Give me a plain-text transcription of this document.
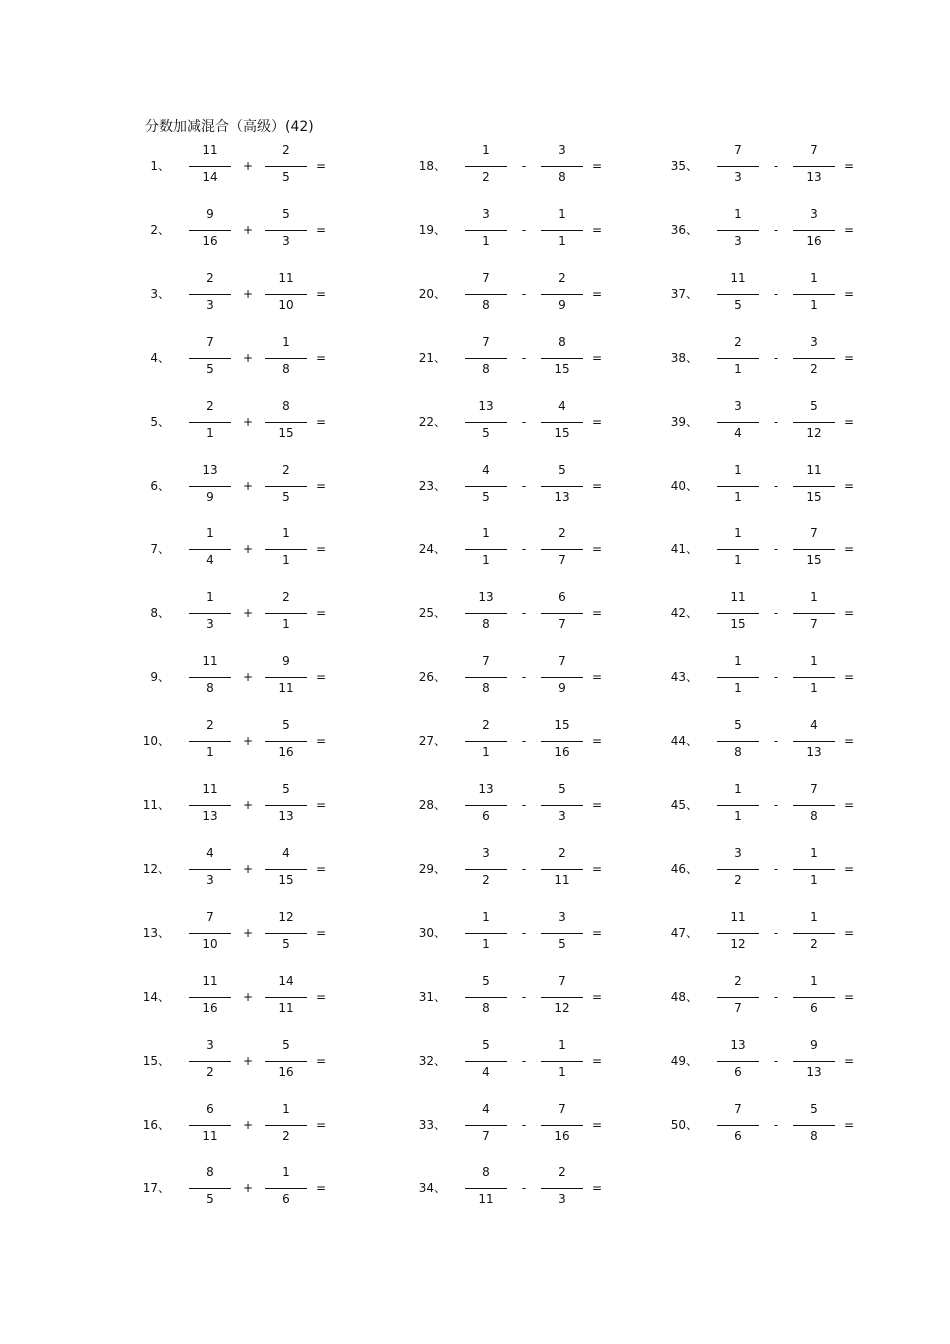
分数加减混合（高级）(42)
1、
11
14
+
2
5
=
2、
9
16
+
5
3
=
3、
2
3
+
11
10
=
4、
7
5
+
1
8
=
5、
2
1
+
8
15
=
6、
13
9
+
2
5
=
7、
1
4
+
1
1
=
8、
1
3
+
2
1
=
9、
11
8
+
9
11
=
10、
2
1
+
5
16
=
11、
11
13
+
5
13
=
12、
4
3
+
4
15
=
13、
7
10
+
12
5
=
14、
11
16
+
14
11
=
15、
3
2
+
5
16
=
16、
6
11
+
1
2
=
17、
8
5
+
1
6
=
18、
1
2
-
3
8
=
19、
3
1
-
1
1
=
20、
7
8
-
2
9
=
21、
7
8
-
8
15
=
22、
13
5
-
4
15
=
23、
4
5
-
5
13
=
24、
1
1
-
2
7
=
25、
13
8
-
6
7
=
26、
7
8
-
7
9
=
27、
2
1
-
15
16
=
28、
13
6
-
5
3
=
29、
3
2
-
2
11
=
30、
1
1
-
3
5
=
31、
5
8
-
7
12
=
32、
5
4
-
1
1
=
33、
4
7
-
7
16
=
34、
8
11
-
2
3
=
35、
7
3
-
7
13
=
36、
1
3
-
3
16
=
37、
11
5
-
1
1
=
38、
2
1
-
3
2
=
39、
3
4
-
5
12
=
40、
1
1
-
11
15
=
41、
1
1
-
7
15
=
42、
11
15
-
1
7
=
43、
1
1
-
1
1
=
44、
5
8
-
4
13
=
45、
1
1
-
7
8
=
46、
3
2
-
1
1
=
47、
11
12
-
1
2
=
48、
2
7
-
1
6
=
49、
13
6
-
9
13
=
50、
7
6
-
5
8
=
